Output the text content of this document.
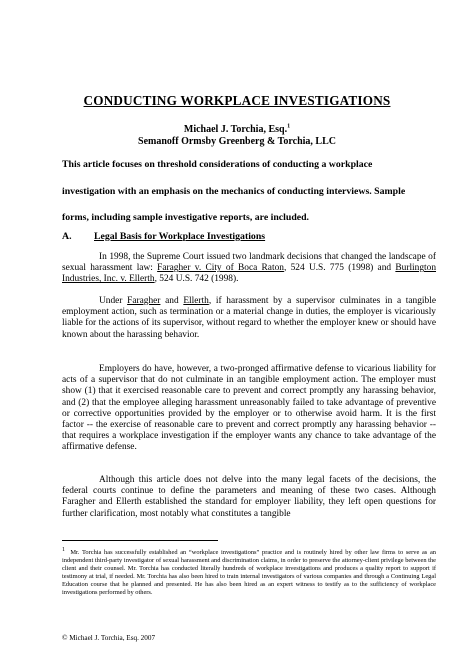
CONDUCTING WORKPLACE INVESTIGATIONS
Michael J. Torchia, Esq.$^1$
Semanoff Ormsby Greenberg & Torchia, LLC
This article focuses on threshold considerations of conducting a workplace
investigation with an emphasis on the mechanics of conducting interviews. Sample
forms, including sample investigative reports, are included.
A. Legal Basis for Workplace Investigations

In 1998, the Supreme Court issued two landmark decisions that changed the landscape of sexual harassment law: Faragher v. City of Boca Raton, 524 U.S. 775 (1998) and Burlington Industries, Inc. v. Ellerth, 524 U.S. 742 (1998).

Under Faragher and Ellerth, if harassment by a supervisor culminates in a tangible employment action, such as termination or a material change in duties, the employer is vicariously liable for the actions of its supervisor, without regard to whether the employer knew or should have known about the harassing behavior.

Employers do have, however, a two-pronged affirmative defense to vicarious liability for acts of a supervisor that do not culminate in an tangible employment action. The employer must show (1) that it exercised reasonable care to prevent and correct promptly any harassing behavior, and (2) that the employee alleging harassment unreasonably failed to take advantage of preventive or corrective opportunities provided by the employer or to otherwise avoid harm. It is the first factor -- the exercise of reasonable care to prevent and correct promptly any harassing behavior -- that requires a workplace investigation if the employer wants any chance to take advantage of the affirmative defense.

Although this article does not delve into the many legal facets of the decisions, the federal courts continue to define the parameters and meaning of these two cases. Although Faragher and Ellerth established the standard for employer liability, they left open questions for further clarification, most notably what constitutes a tangible

$^1$ Mr. Torchia has successfully established an “workplace investigations” practice and is routinely hired by other law firms to serve as an independent third-party investigator of sexual harassment and discrimination claims, in order to preserve the attorney-client privilege between the client and their counsel. Mr. Torchia has conducted literally hundreds of workplace investigations and produces a quality report to support if testimony at trial, if needed. Mr. Torchia has also been hired to train internal investigators of various companies and through a Continuing Legal Education course that he planned and presented. He has also been hired as an expert witness to testify as to the sufficiency of workplace investigations performed by others.

© Michael J. Torchia, Esq. 2007
